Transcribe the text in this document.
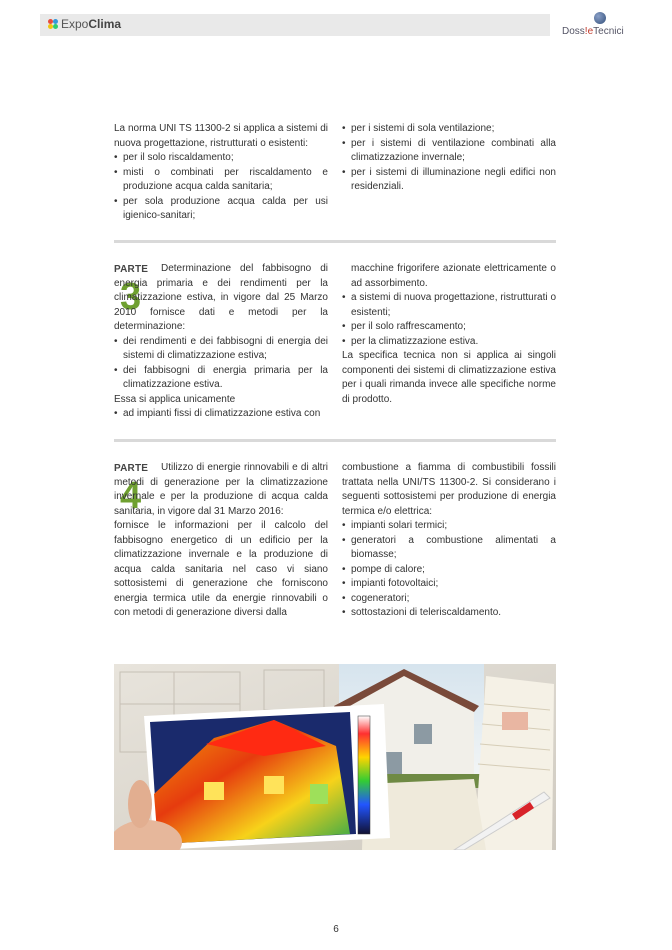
Expo Clima
Doss!eTecnici

La norma UNI TS 11300-2 si applica a sistemi di nuova progettazione, ristrutturati o esistenti:

• per il solo riscaldamento;
• misti o combinati per riscaldamento e produzione acqua calda sanitaria;
• per sola produzione acqua calda per usi igienico-sanitari;
• per i sistemi di sola ventilazione;
• per i sistemi di ventilazione combinati alla climatizzazione invernale;
• per i sistemi di illuminazione negli edifici non residenziali.
PARTE
3

Determinazione del fabbisogno di energia primaria e dei rendimenti per la climatizzazione estiva, in vigore dal 25 Marzo 2010 fornisce dati e metodi per la determinazione:

• dei rendimenti e dei fabbisogni di energia dei sistemi di climatizzazione estiva;
• dei fabbisogni di energia primaria per la climatizzazione estiva.

Essa si applica unicamente

• ad impianti fissi di climatizzazione estiva con

macchine frigorifere azionate elettricamente o ad assorbimento.

• a sistemi di nuova progettazione, ristrutturati o esistenti;
• per il solo raffrescamento;
• per la climatizzazione estiva.

La specifica tecnica non si applica ai singoli componenti dei sistemi di climatizzazione estiva per i quali rimanda invece alle specifiche norme di prodotto.

PARTE
4

Utilizzo di energie rinnovabili e di altri metodi di generazione per la climatizzazione invernale e per la produzione di acqua calda sanitaria, in vigore dal 31 Marzo 2016:

fornisce le informazioni per il calcolo del fabbisogno energetico di un edificio per la climatizzazione invernale e la produzione di acqua calda sanitaria nel caso vi siano sottosistemi di generazione che forniscono energia termica utile da energie rinnovabili o con metodi di generazione diversi dalla

combustione a fiamma di combustibili fossili trattata nella UNI/TS 11300-2. Si considerano i seguenti sottosistemi per produzione di energia termica e/o elettrica:

• impianti solari termici;
• generatori a combustione alimentati a biomasse;
• pompe di calore;
• impianti fotovoltaici;
• cogeneratori;
• sottostazioni di teleriscaldamento.
6
